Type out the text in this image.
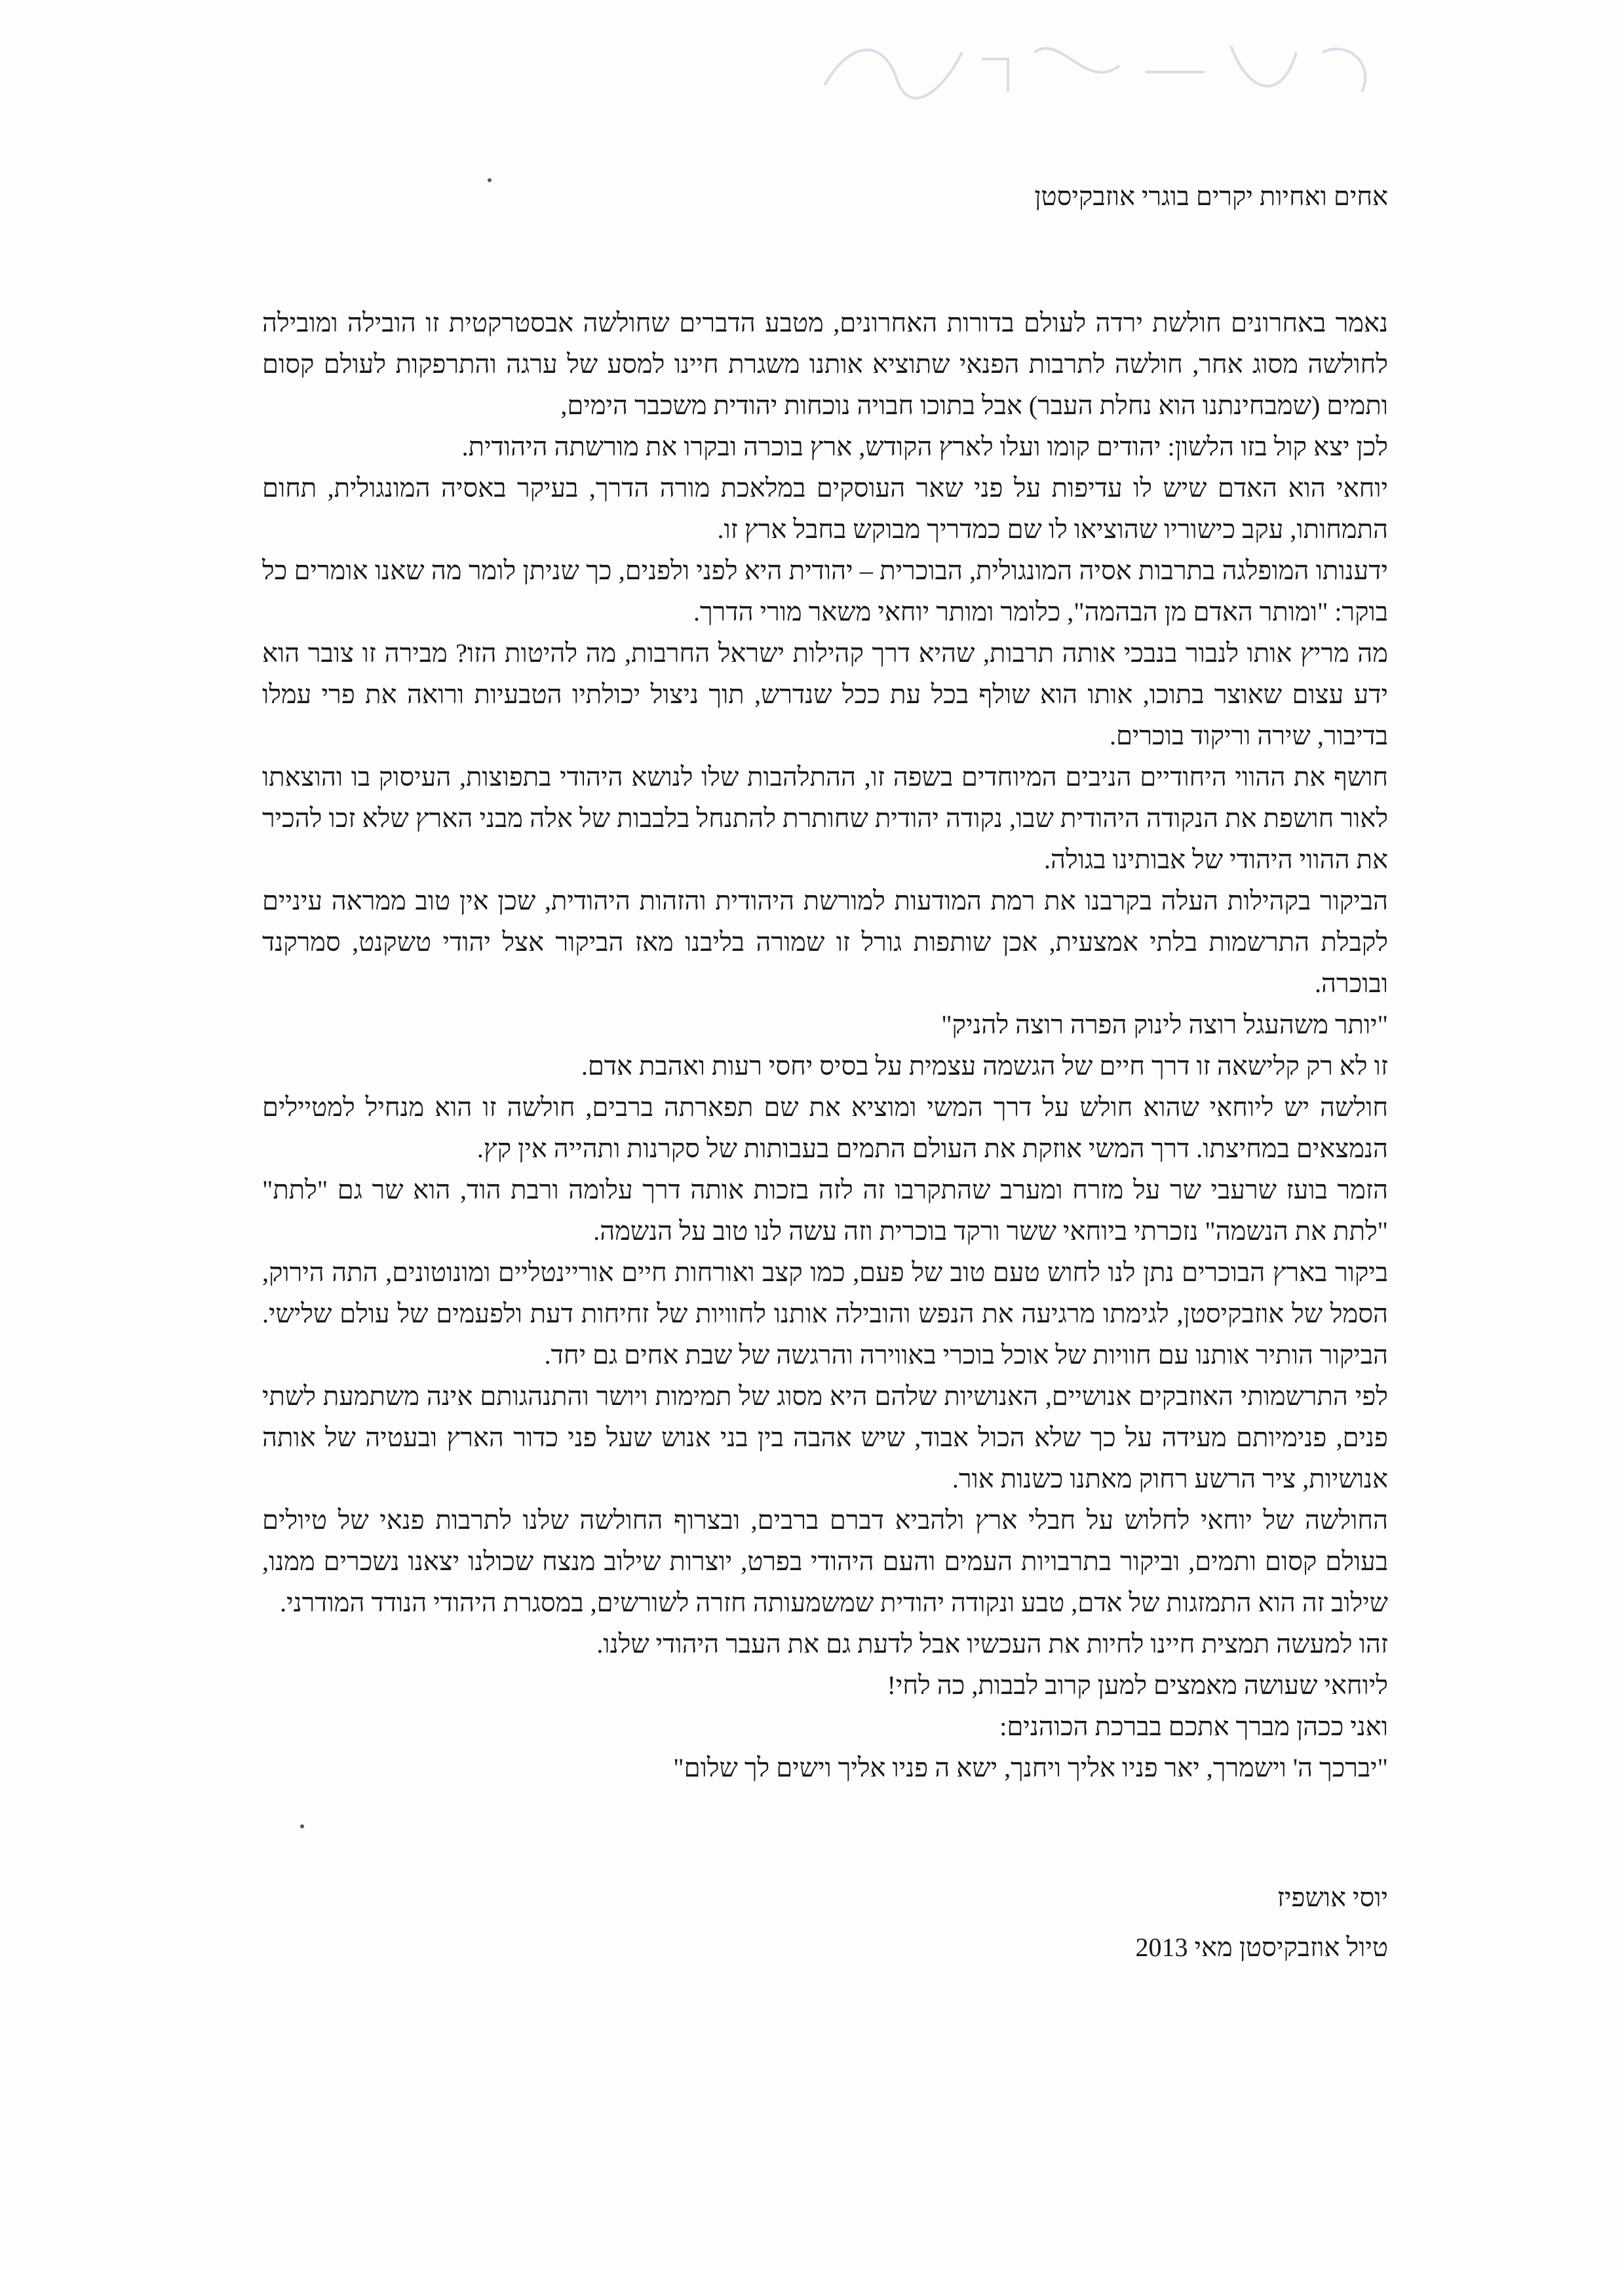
אחים ואחיות יקרים בוגרי אוזבקיסטן

נאמר באחרונים חולשת ירדה לעולם בדורות האחרונים, מטבע הדברים שחולשה אבסטרקטית זו הובילה ומובילה לחולשה מסוג אחר, חולשה לתרבות הפנאי שתוציא אותנו משגרת חיינו למסע של ערגה והתרפקות לעולם קסום ותמים (שמבחינתנו הוא נחלת העבר) אבל בתוכו חבויה נוכחות יהודית משכבר הימים,

לכן יצא קול בזו הלשון: יהודים קומו ועלו לארץ הקודש, ארץ בוכרה ובקרו את מורשתה היהודית.

יוחאי הוא האדם שיש לו עדיפות על פני שאר העוסקים במלאכת מורה הדרך, בעיקר באסיה המונגולית, תחום התמחותו, עקב כישוריו שהוציאו לו שם כמדריך מבוקש בחבל ארץ זו.

ידענותו המופלגה בתרבות אסיה המונגולית, הבוכרית – יהודית היא לפני ולפנים, כך שניתן לומר מה שאנו אומרים כל בוקר: "ומותר האדם מן הבהמה", כלומר ומותר יוחאי משאר מורי הדרך.

מה מריץ אותו לנבור בנבכי אותה תרבות, שהיא דרך קהילות ישראל החרבות, מה להיטות הזו? מבירה זו צובר הוא ידע עצום שאוצר בתוכו, אותו הוא שולף בכל עת ככל שנדרש, תוך ניצול יכולתיו הטבעיות ורואה את פרי עמלו בדיבור, שירה וריקוד בוכרים.

חושף את ההווי היחודיים הניבים המיוחדים בשפה זו, ההתלהבות שלו לנושא היהודי בתפוצות, העיסוק בו והוצאתו לאור חושפת את הנקודה היהודית שבו, נקודה יהודית שחותרת להתנחל בלבבות של אלה מבני הארץ שלא זכו להכיר את ההווי היהודי של אבותינו בגולה.

הביקור בקהילות העלה בקרבנו את רמת המודעות למורשת היהודית והזהות היהודית, שכן אין טוב ממראה עיניים לקבלת התרשמות בלתי אמצעית, אכן שותפות גורל זו שמורה בליבנו מאז הביקור אצל יהודי טשקנט, סמרקנד ובוכרה.

"יותר משהעגל רוצה לינוק הפרה רוצה להניק"

זו לא רק קלישאה זו דרך חיים של הגשמה עצמית על בסיס יחסי רעות ואהבת אדם.

חולשה יש ליוחאי שהוא חולש על דרך המשי ומוציא את שם תפארתה ברבים, חולשה זו הוא מנחיל למטיילים הנמצאים במחיצתו. דרך המשי אוזקת את העולם התמים בעבותות של סקרנות ותהייה אין קץ.

הזמר בועז שרעבי שר על מזרח ומערב שהתקרבו זה לזה בזכות אותה דרך עלומה ורבת הוד, הוא שר גם "לתת" "לתת את הנשמה" נזכרתי ביוחאי ששר ורקד בוכרית וזה עשה לנו טוב על הנשמה.

ביקור בארץ הבוכרים נתן לנו לחוש טעם טוב של פעם, כמו קצב ואורחות חיים אוריינטליים ומונוטונים, התה הירוק, הסמל של אוזבקיסטן, לגימתו מרגיעה את הנפש והובילה אותנו לחוויות של זחיחות דעת ולפעמים של עולם שלישי. הביקור הותיר אותנו עם חוויות של אוכל בוכרי באווירה והרגשה של שבת אחים גם יחד.

לפי התרשמותי האוזבקים אנושיים, האנושיות שלהם היא מסוג של תמימות ויושר והתנהגותם אינה משתמעת לשתי פנים, פנימיותם מעידה על כך שלא הכול אבוד, שיש אהבה בין בני אנוש שעל פני כדור הארץ ובעטיה של אותה אנושיות, ציר הרשע רחוק מאתנו כשנות אור.

החולשה של יוחאי לחלוש על חבלי ארץ ולהביא דברם ברבים, ובצרוף החולשה שלנו לתרבות פנאי של טיולים בעולם קסום ותמים, וביקור בתרבויות העמים והעם היהודי בפרט, יוצרות שילוב מנצח שכולנו יצאנו נשכרים ממנו, שילוב זה הוא התמזגות של אדם, טבע ונקודה יהודית שמשמעותה חזרה לשורשים, במסגרת היהודי הנודד המודרני.

זהו למעשה תמצית חיינו לחיות את העכשיו אבל לדעת גם את העבר היהודי שלנו.

ליוחאי שעושה מאמצים למען קרוב לבבות, כה לחי!

ואני ככהן מברך אתכם בברכת הכוהנים:

"יברכך ה' וישמרך, יאר פניו אליך ויחנך, ישא ה פניו אליך וישים לך שלום"

יוסי אושפיז
טיול אוזבקיסטן מאי 2013
